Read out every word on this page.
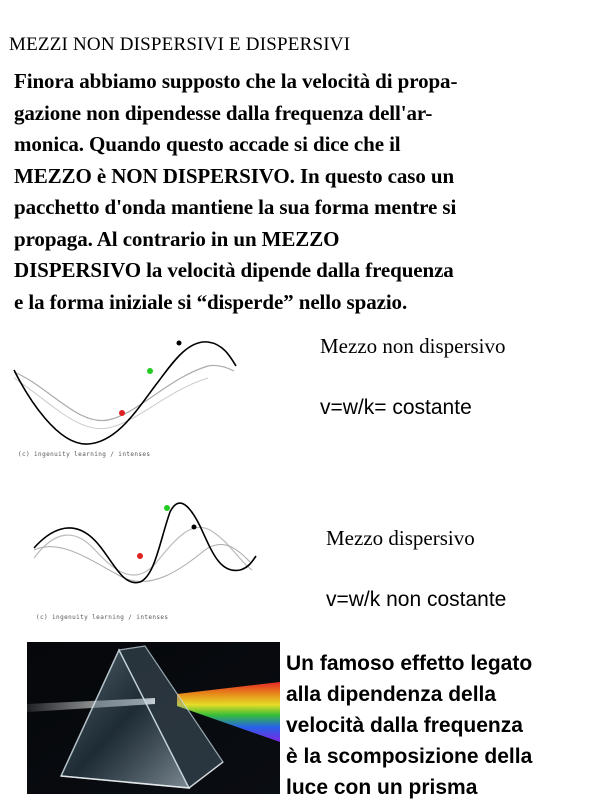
MEZZI NON DISPERSIVI E DISPERSIVI
Finora abbiamo supposto che la velocità di propa-
gazione non dipendesse dalla frequenza dell'ar-
monica. Quando questo accade si dice che il
MEZZO è NON DISPERSIVO. In questo caso un
pacchetto d'onda mantiene la sua forma mentre si
propaga. Al contrario in un MEZZO
DISPERSIVO la velocità dipende dalla frequenza
e la forma iniziale si “disperde” nello spazio.
(c) ingenuity learning / intenses
Mezzo non dispersivo
v=w/k= costante
(c) ingenuity learning / intenses
Mezzo dispersivo
v=w/k non costante
Un famoso effetto legato
alla dipendenza della
velocità dalla frequenza
è la scomposizione della
luce con un prisma
